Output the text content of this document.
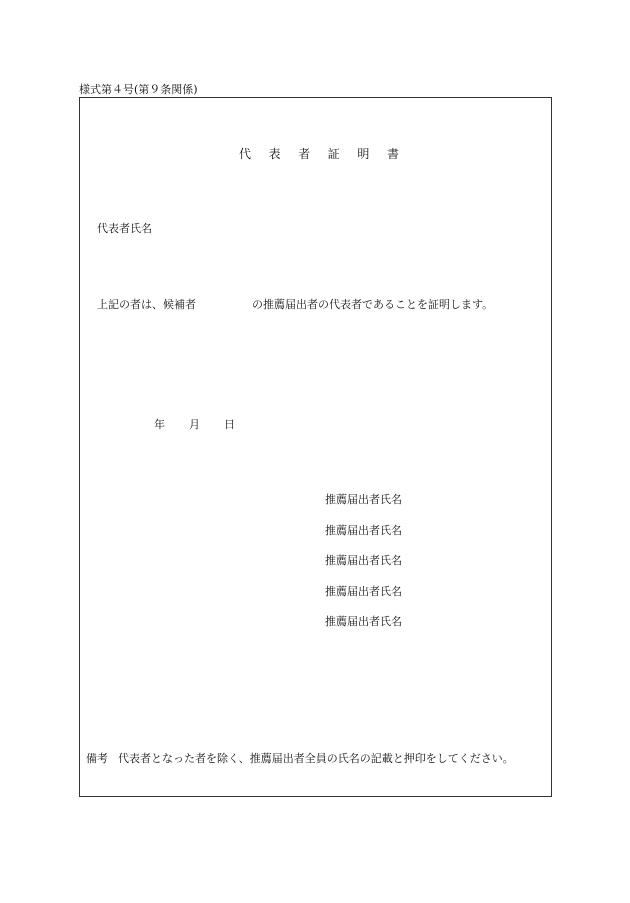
様式第４号(第９条関係)
代 表 者 証 明 書
代表者氏名
上記の者は、候補者	の推薦届出者の代表者であることを証明します。
年 月 日
推薦届出者氏名
推薦届出者氏名
推薦届出者氏名
推薦届出者氏名
推薦届出者氏名
備考 代表者となった者を除く、推薦届出者全員の氏名の記載と押印をしてください。
